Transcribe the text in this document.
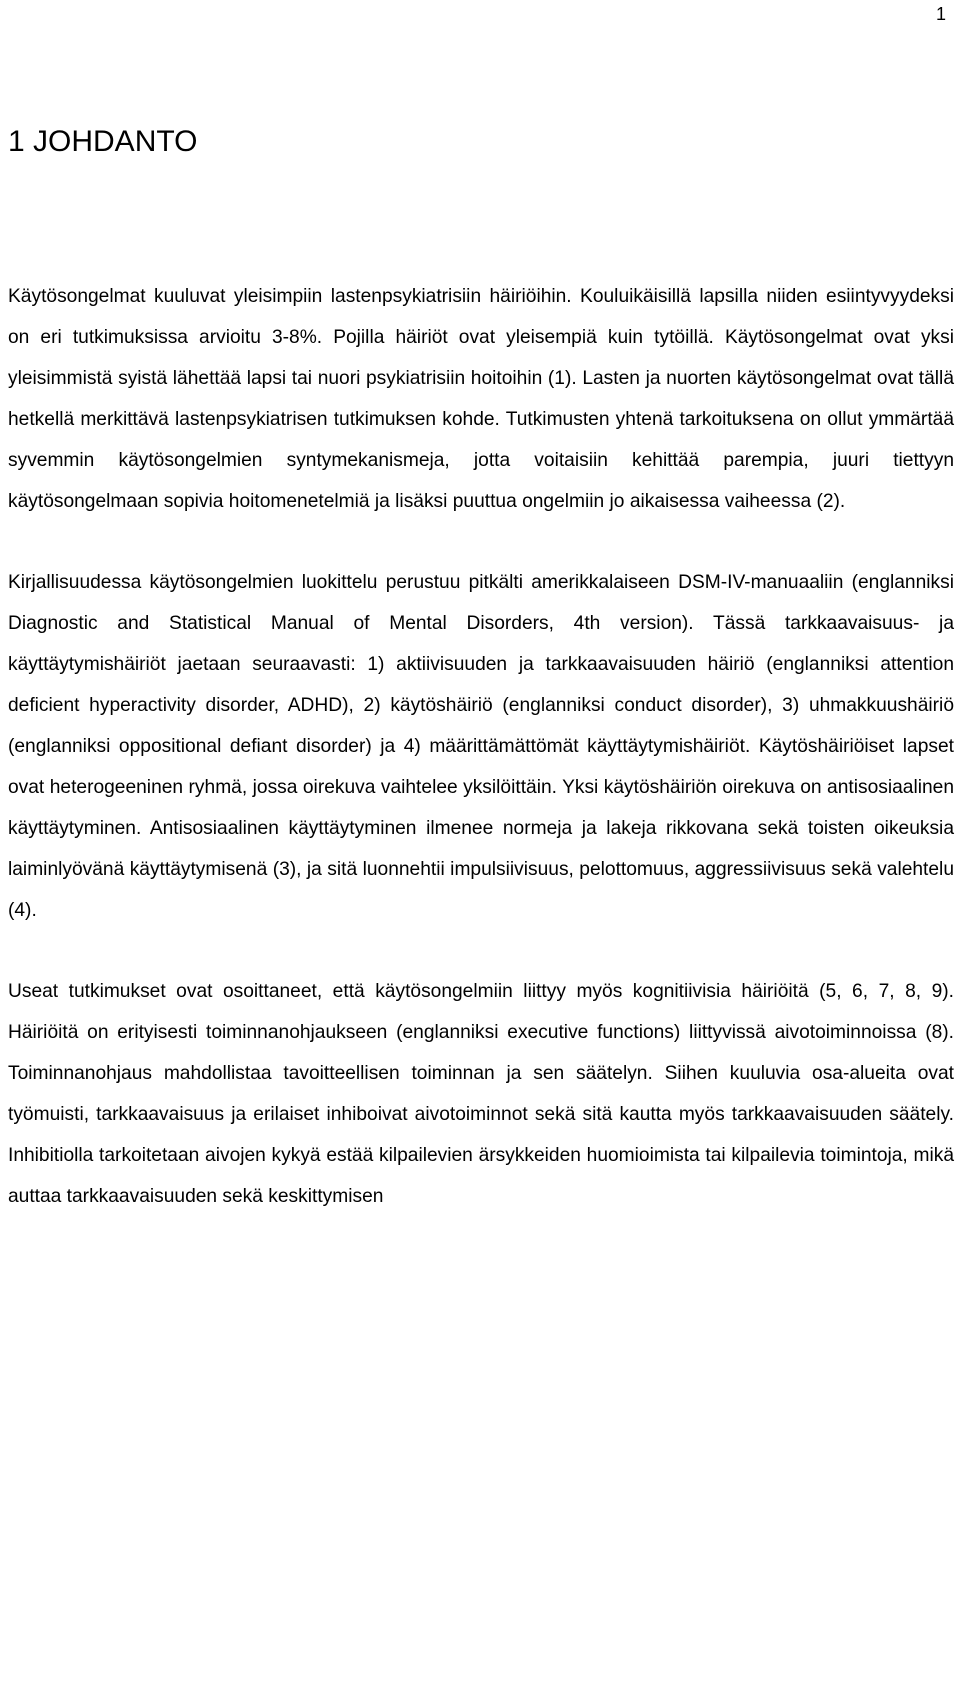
1
1 JOHDANTO

Käytösongelmat kuuluvat yleisimpiin lastenpsykiatrisiin häiriöihin. Kouluikäisillä lapsilla niiden esiintyvyydeksi on eri tutkimuksissa arvioitu 3-8%. Pojilla häiriöt ovat yleisempiä kuin tytöillä. Käytösongelmat ovat yksi yleisimmistä syistä lähettää lapsi tai nuori psykiatrisiin hoitoihin (1). Lasten ja nuorten käytösongelmat ovat tällä hetkellä merkittävä lastenpsykiatrisen tutkimuksen kohde. Tutkimusten yhtenä tarkoituksena on ollut ymmärtää syvemmin käytösongelmien syntymekanismeja, jotta voitaisiin kehittää parempia, juuri tiettyyn käytösongelmaan sopivia hoitomenetelmiä ja lisäksi puuttua ongelmiin jo aikaisessa vaiheessa (2).

Kirjallisuudessa käytösongelmien luokittelu perustuu pitkälti amerikkalaiseen DSM-IV-manuaaliin (englanniksi Diagnostic and Statistical Manual of Mental Disorders, 4th version). Tässä tarkkaavaisuus- ja käyttäytymishäiriöt jaetaan seuraavasti: 1) aktiivisuuden ja tarkkaavaisuuden häiriö (englanniksi attention deficient hyperactivity disorder, ADHD), 2) käytöshäiriö (englanniksi conduct disorder), 3) uhmakkuushäiriö (englanniksi oppositional defiant disorder) ja 4) määrittämättömät käyttäytymishäiriöt. Käytöshäiriöiset lapset ovat heterogeeninen ryhmä, jossa oirekuva vaihtelee yksilöittäin. Yksi käytöshäiriön oirekuva on antisosiaalinen käyttäytyminen. Antisosiaalinen käyttäytyminen ilmenee normeja ja lakeja rikkovana sekä toisten oikeuksia laiminlyövänä käyttäytymisenä (3), ja sitä luonnehtii impulsiivisuus, pelottomuus, aggressiivisuus sekä valehtelu (4).

Useat tutkimukset ovat osoittaneet, että käytösongelmiin liittyy myös kognitiivisia häiriöitä (5, 6, 7, 8, 9). Häiriöitä on erityisesti toiminnanohjaukseen (englanniksi executive functions) liittyvissä aivotoiminnoissa (8). Toiminnanohjaus mahdollistaa tavoitteellisen toiminnan ja sen säätelyn. Siihen kuuluvia osa-alueita ovat työmuisti, tarkkaavaisuus ja erilaiset inhiboivat aivotoiminnot sekä sitä kautta myös tarkkaavaisuuden säätely. Inhibitiolla tarkoitetaan aivojen kykyä estää kilpailevien ärsykkeiden huomioimista tai kilpailevia toimintoja, mikä auttaa tarkkaavaisuuden sekä keskittymisen
